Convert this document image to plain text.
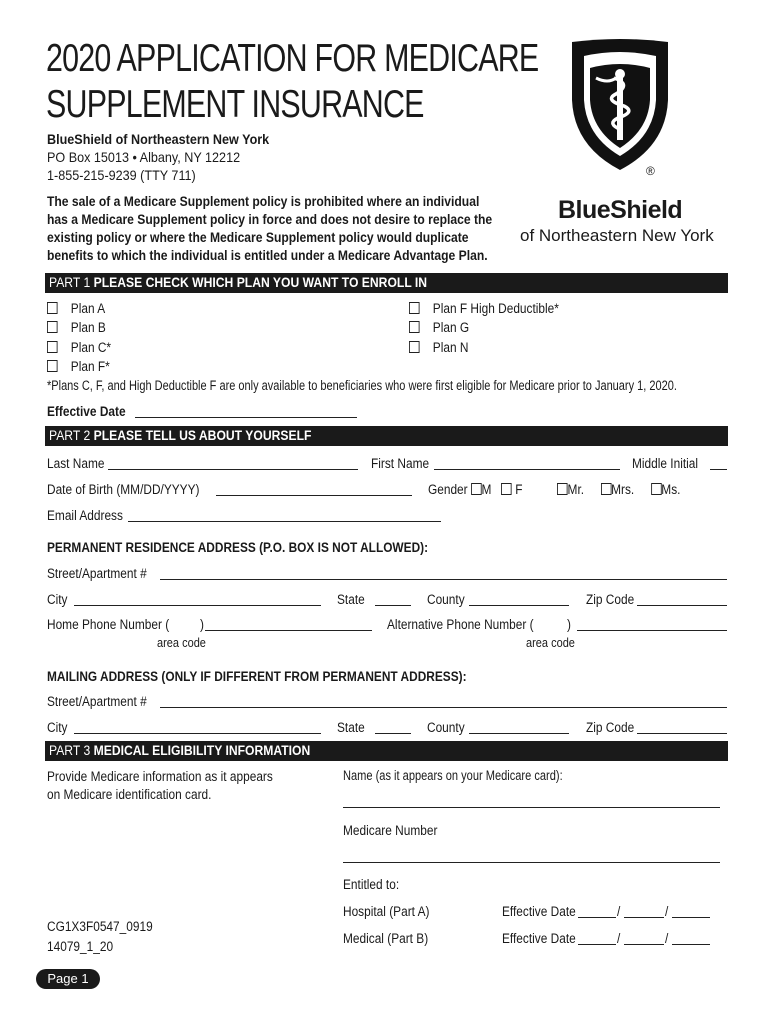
2020 APPLICATION FOR MEDICARE
SUPPLEMENT INSURANCE
BlueShield of Northeastern New York
PO Box 15013 • Albany, NY 12212
1-855-215-9239 (TTY 711)
The sale of a Medicare Supplement policy is prohibited where an individual has a Medicare Supplement policy in force and does not desire to replace the existing policy or where the Medicare Supplement policy would duplicate benefits to which the individual is entitled under a Medicare Advantage Plan.
®
BlueShield
of Northeastern New York
PART 1 PLEASE CHECK WHICH PLAN YOU WANT TO ENROLL IN
Plan A
Plan B
Plan C*
Plan F*
Plan F High Deductible*
Plan G
Plan N
*Plans C, F, and High Deductible F are only available to beneficiaries who were first eligible for Medicare prior to January 1, 2020.
Effective Date
PART 2 PLEASE TELL US ABOUT YOURSELF
Last Name	First Name	Middle Initial
Date of Birth (MM/DD/YYYY)	Gender M F	Mr. Mrs. Ms.
Email Address
PERMANENT RESIDENCE ADDRESS (P.O. BOX IS NOT ALLOWED):
Street/Apartment #
City	State	County	Zip Code
Home Phone Number ( )
area code
Alternative Phone Number ( )
area code
MAILING ADDRESS (ONLY IF DIFFERENT FROM PERMANENT ADDRESS):
Street/Apartment #
City	State	County	Zip Code
PART 3 MEDICAL ELIGIBILITY INFORMATION
Provide Medicare information as it appears
on Medicare identification card.
Name (as it appears on your Medicare card):
Medicare Number
Entitled to:
Hospital (Part A)	Effective Date	/	/
Medical (Part B)	Effective Date	/	/
CG1X3F0547_0919
14079_1_20
Page 1
